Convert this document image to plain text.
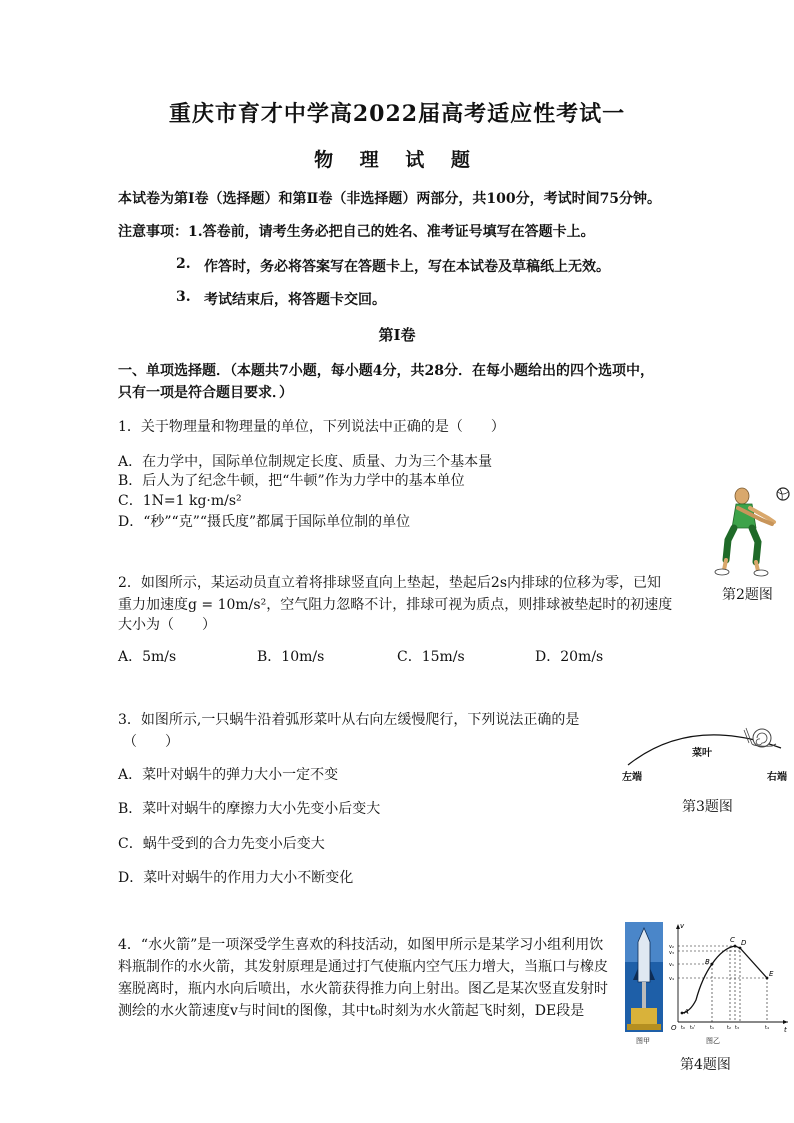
重庆市育才中学高2022届高考适应性考试一
物 理 试 题
本试卷为第Ⅰ卷（选择题）和第Ⅱ卷（非选择题）两部分，共100分，考试时间75分钟。
注意事项：1.答卷前，请考生务必把自己的姓名、准考证号填写在答题卡上。
2. 作答时，务必将答案写在答题卡上，写在本试卷及草稿纸上无效。
3. 考试结束后，将答题卡交回。
第Ⅰ卷
一、单项选择题．（本题共7小题，每小题4分，共28分．在每小题给出的四个选项中，
只有一项是符合题目要求．）
1．关于物理量和物理量的单位，下列说法中正确的是（　　）
A．在力学中，国际单位制规定长度、质量、力为三个基本量
B．后人为了纪念牛顿，把“牛顿”作为力学中的基本单位
C．1N=1 kg·m/s²
D．“秒”“克”“摄氏度”都属于国际单位制的单位
第2题图
2．如图所示，某运动员直立着将排球竖直向上垫起，垫起后2s内排球的位移为零，已知
重力加速度g = 10m/s²，空气阻力忽略不计，排球可视为质点，则排球被垫起时的初速度
大小为（　　）
A．5m/s	B．10m/s	C．15m/s	D．20m/s
3．如图所示,一只蜗牛沿着弧形菜叶从右向左缓慢爬行，下列说法正确的是
（　　）
A．菜叶对蜗牛的弹力大小一定不变
B．菜叶对蜗牛的摩擦力大小先变小后变大
C．蜗牛受到的合力先变小后变大
D．菜叶对蜗牛的作用力大小不断变化
菜叶
左端	右端
第3题图
4．“水火箭”是一项深受学生喜欢的科技活动，如图甲所示是某学习小组利用饮
料瓶制作的水火箭，其发射原理是通过打气使瓶内空气压力增大，当瓶口与橡皮
塞脱离时，瓶内水向后喷出，水火箭获得推力向上射出。图乙是某次竖直发射时
测绘的水火箭速度v与时间t的图像，其中t₀时刻为水火箭起飞时刻，DE段是
图甲
v
t
O
A
B
C D
E
v₂
v₃
v₁
v₄
t₀ t₀'	t₁	t₂ t₃	t₄
图乙
第4题图
